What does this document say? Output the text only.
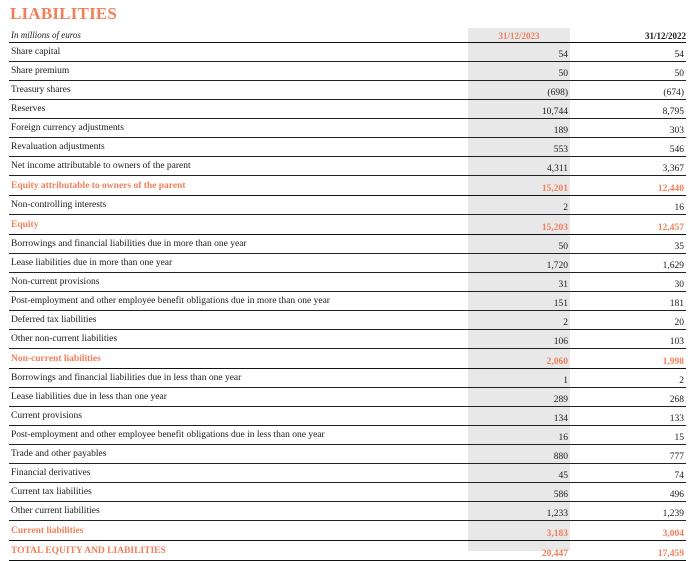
LIABILITIES
In millions of euros	31/12/2023	31/12/2022
Share capital	54	54
Share premium	50	50
Treasury shares	(698)	(674)
Reserves	10,744	8,795
Foreign currency adjustments	189	303
Revaluation adjustments	553	546
Net income attributable to owners of the parent	4,311	3,367
Equity attributable to owners of the parent	15,201	12,440
Non-controlling interests	2	16
Equity	15,203	12,457
Borrowings and financial liabilities due in more than one year	50	35
Lease liabilities due in more than one year	1,720	1,629
Non-current provisions	31	30
Post-employment and other employee benefit obligations due in more than one year	151	181
Deferred tax liabilities	2	20
Other non-current liabilities	106	103
Non-current liabilities	2,060	1,998
Borrowings and financial liabilities due in less than one year	1	2
Lease liabilities due in less than one year	289	268
Current provisions	134	133
Post-employment and other employee benefit obligations due in less than one year	16	15
Trade and other payables	880	777
Financial derivatives	45	74
Current tax liabilities	586	496
Other current liabilities	1,233	1,239
Current liabilities	3,183	3,004
TOTAL EQUITY AND LIABILITIES	20,447	17,459
